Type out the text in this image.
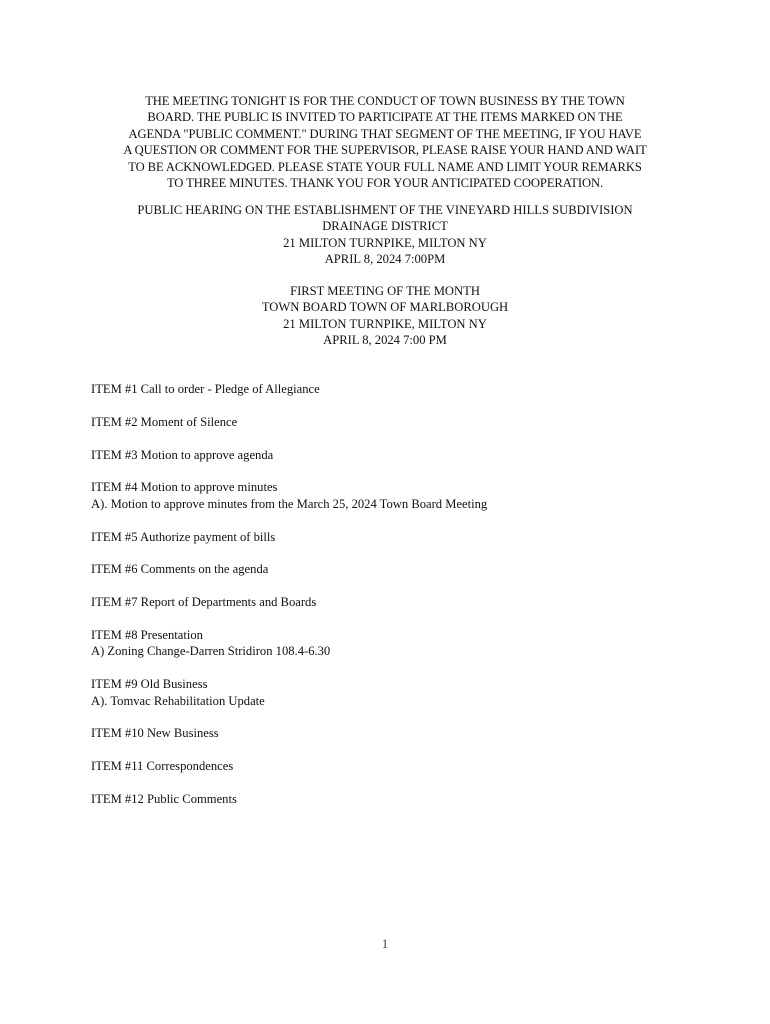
THE MEETING TONIGHT IS FOR THE CONDUCT OF TOWN BUSINESS BY THE TOWN

BOARD. THE PUBLIC IS INVITED TO PARTICIPATE AT THE ITEMS MARKED ON THE

AGENDA "PUBLIC COMMENT." DURING THAT SEGMENT OF THE MEETING, IF YOU HAVE

A QUESTION OR COMMENT FOR THE SUPERVISOR, PLEASE RAISE YOUR HAND AND WAIT

TO BE ACKNOWLEDGED. PLEASE STATE YOUR FULL NAME AND LIMIT YOUR REMARKS

TO THREE MINUTES. THANK YOU FOR YOUR ANTICIPATED COOPERATION.

PUBLIC HEARING ON THE ESTABLISHMENT OF THE VINEYARD HILLS SUBDIVISION

DRAINAGE DISTRICT

21 MILTON TURNPIKE, MILTON NY

APRIL 8, 2024 7:00PM

FIRST MEETING OF THE MONTH

TOWN BOARD TOWN OF MARLBOROUGH

21 MILTON TURNPIKE, MILTON NY

APRIL 8, 2024 7:00 PM

ITEM #1 Call to order - Pledge of Allegiance

ITEM #2 Moment of Silence

ITEM #3 Motion to approve agenda

ITEM #4 Motion to approve minutes

A). Motion to approve minutes from the March 25, 2024 Town Board Meeting

ITEM #5 Authorize payment of bills

ITEM #6 Comments on the agenda

ITEM #7 Report of Departments and Boards

ITEM #8 Presentation

A) Zoning Change-Darren Stridiron 108.4-6.30

ITEM #9 Old Business

A). Tomvac Rehabilitation Update

ITEM #10 New Business

ITEM #11 Correspondences

ITEM #12 Public Comments

1
